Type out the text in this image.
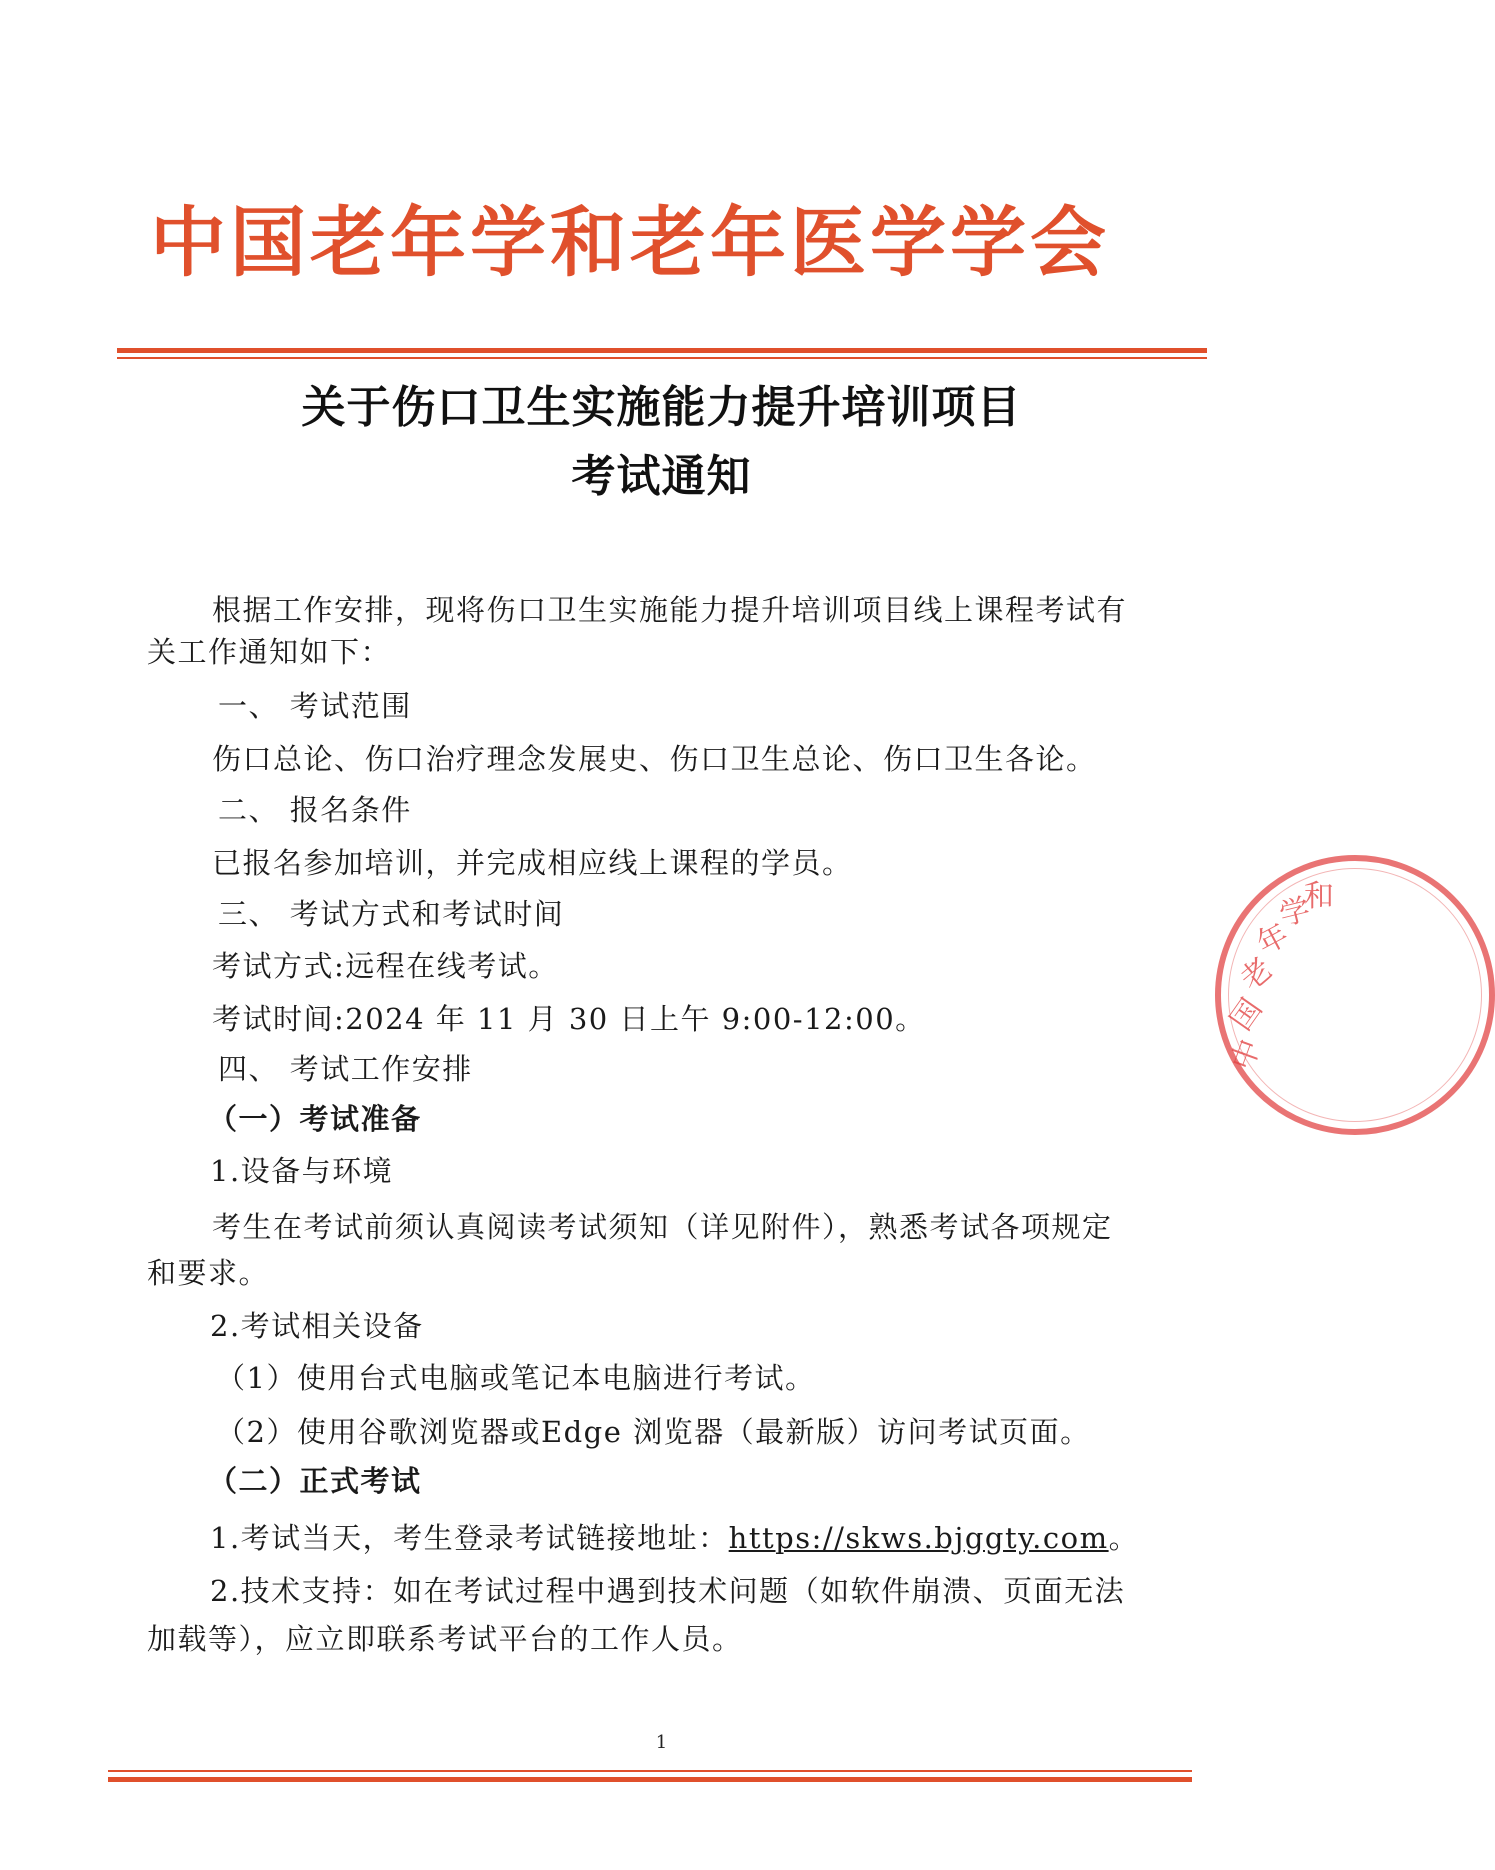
中国老年学和老年医学学会
关于伤口卫生实施能力提升培训项目
考试通知
根据工作安排，现将伤口卫生实施能力提升培训项目线上课程考试有
关工作通知如下：
一、 考试范围
伤口总论、伤口治疗理念发展史、伤口卫生总论、伤口卫生各论。
二、 报名条件
已报名参加培训，并完成相应线上课程的学员。
三、 考试方式和考试时间
考试方式:远程在线考试。
考试时间:2024 年 11 月 30 日上午 9:00-12:00。
四、 考试工作安排
（一）考试准备
1.设备与环境
考生在考试前须认真阅读考试须知（详见附件），熟悉考试各项规定
和要求。
2.考试相关设备
（1）使用台式电脑或笔记本电脑进行考试。
（2）使用谷歌浏览器或Edge 浏览器（最新版）访问考试页面。
（二）正式考试
1.考试当天，考生登录考试链接地址：https://skws.bjggty.com。
2.技术支持：如在考试过程中遇到技术问题（如软件崩溃、页面无法
加载等），应立即联系考试平台的工作人员。
1
中
国
老
年
学
和
